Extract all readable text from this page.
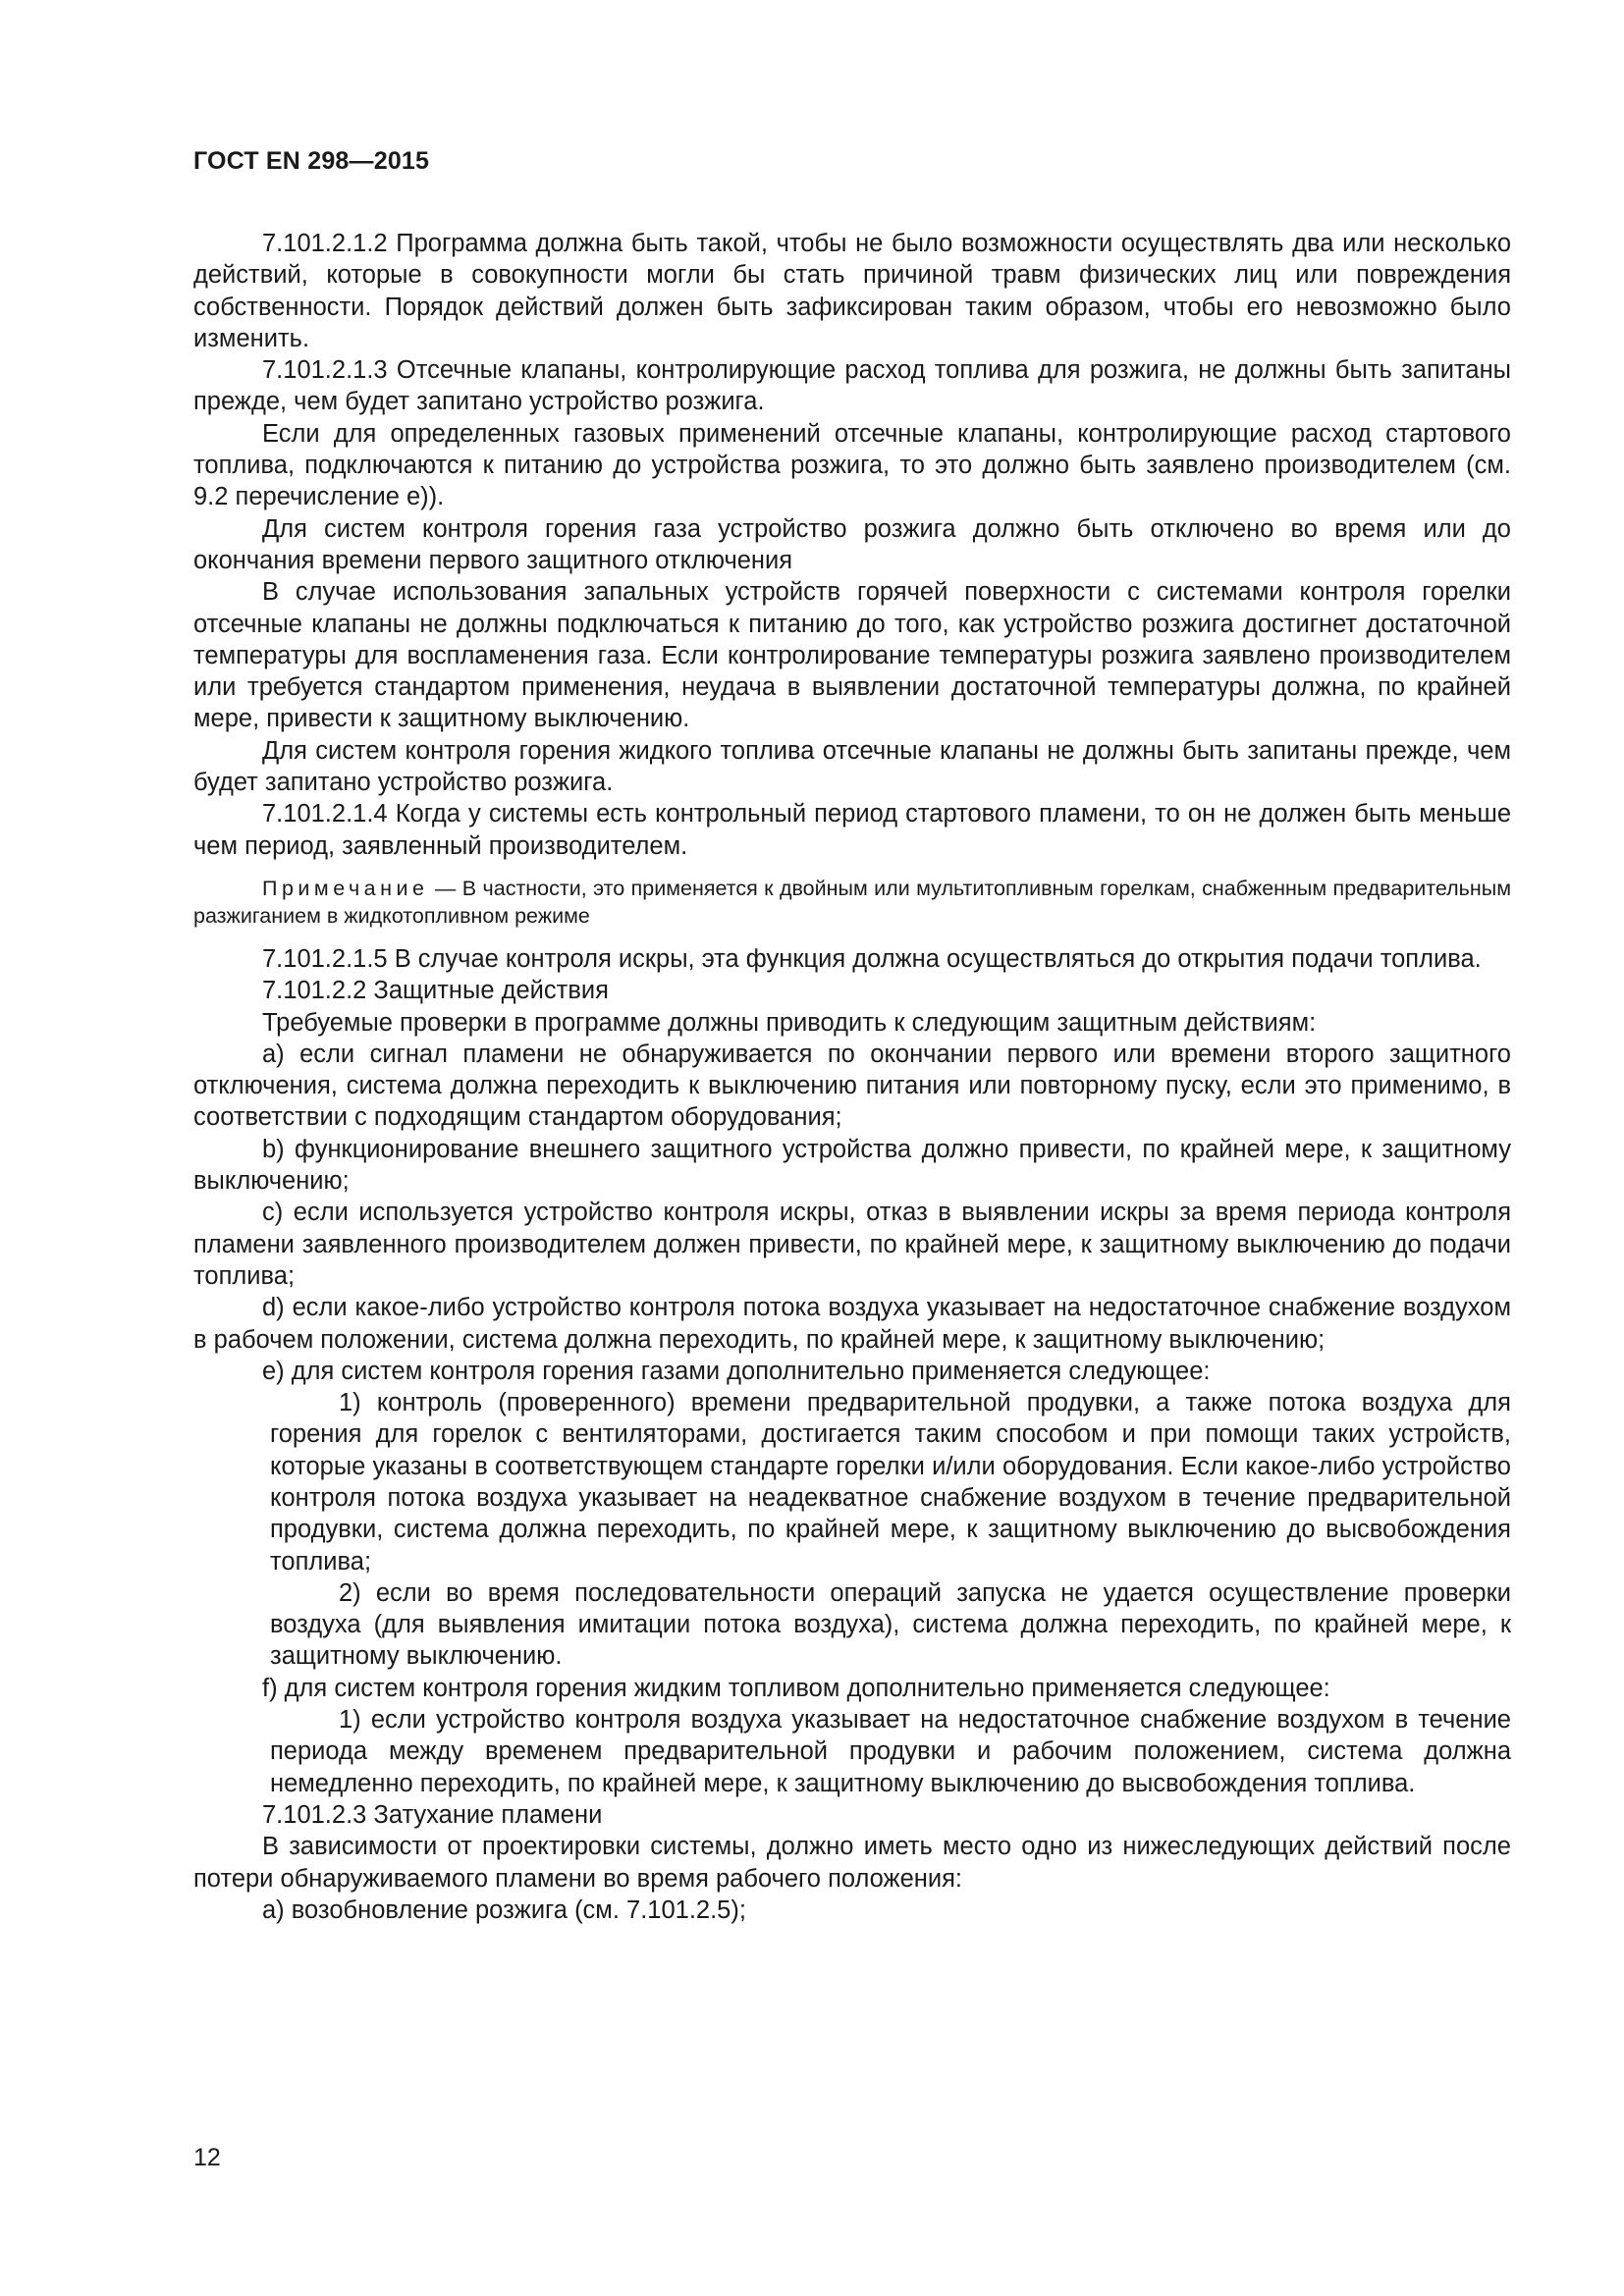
ГОСТ EN 298—2015

7.101.2.1.2 Программа должна быть такой, чтобы не было возможности осуществлять два или несколько действий, которые в совокупности могли бы стать причиной травм физических лиц или повреждения собственности. Порядок действий должен быть зафиксирован таким образом, чтобы его невозможно было изменить.

7.101.2.1.3 Отсечные клапаны, контролирующие расход топлива для розжига, не должны быть запитаны прежде, чем будет запитано устройство розжига.

Если для определенных газовых применений отсечные клапаны, контролирующие расход стартового топлива, подключаются к питанию до устройства розжига, то это должно быть заявлено производителем (см. 9.2 перечисление е)).

Для систем контроля горения газа устройство розжига должно быть отключено во время или до окончания времени первого защитного отключения

В случае использования запальных устройств горячей поверхности с системами контроля горелки отсечные клапаны не должны подключаться к питанию до того, как устройство розжига достигнет достаточной температуры для воспламенения газа. Если контролирование температуры розжига заявлено производителем или требуется стандартом применения, неудача в выявлении достаточной температуры должна, по крайней мере, привести к защитному выключению.

Для систем контроля горения жидкого топлива отсечные клапаны не должны быть запитаны прежде, чем будет запитано устройство розжига.

7.101.2.1.4 Когда у системы есть контрольный период стартового пламени, то он не должен быть меньше чем период, заявленный производителем.

Примечание — В частности, это применяется к двойным или мультитопливным горелкам, снабженным предварительным разжиганием в жидкотопливном режиме

7.101.2.1.5 В случае контроля искры, эта функция должна осуществляться до открытия подачи топлива.

7.101.2.2 Защитные действия

Требуемые проверки в программе должны приводить к следующим защитным действиям:

а) если сигнал пламени не обнаруживается по окончании первого или времени второго защитного отключения, система должна переходить к выключению питания или повторному пуску, если это применимо, в соответствии с подходящим стандартом оборудования;

b) функционирование внешнего защитного устройства должно привести, по крайней мере, к защитному выключению;

c) если используется устройство контроля искры, отказ в выявлении искры за время периода контроля пламени заявленного производителем должен привести, по крайней мере, к защитному выключению до подачи топлива;

d) если какое-либо устройство контроля потока воздуха указывает на недостаточное снабжение воздухом в рабочем положении, система должна переходить, по крайней мере, к защитному выключению;

е) для систем контроля горения газами дополнительно применяется следующее:

1) контроль (проверенного) времени предварительной продувки, а также потока воздуха для горения для горелок с вентиляторами, достигается таким способом и при помощи таких устройств, которые указаны в соответствующем стандарте горелки и/или оборудования. Если какое-либо устройство контроля потока воздуха указывает на неадекватное снабжение воздухом в течение предварительной продувки, система должна переходить, по крайней мере, к защитному выключению до высвобождения топлива;

2) если во время последовательности операций запуска не удается осуществление проверки воздуха (для выявления имитации потока воздуха), система должна переходить, по крайней мере, к защитному выключению.

f) для систем контроля горения жидким топливом дополнительно применяется следующее:

1) если устройство контроля воздуха указывает на недостаточное снабжение воздухом в течение периода между временем предварительной продувки и рабочим положением, система должна немедленно переходить, по крайней мере, к защитному выключению до высвобождения топлива.

7.101.2.3 Затухание пламени

В зависимости от проектировки системы, должно иметь место одно из нижеследующих действий после потери обнаруживаемого пламени во время рабочего положения:

а) возобновление розжига (см. 7.101.2.5);

12
